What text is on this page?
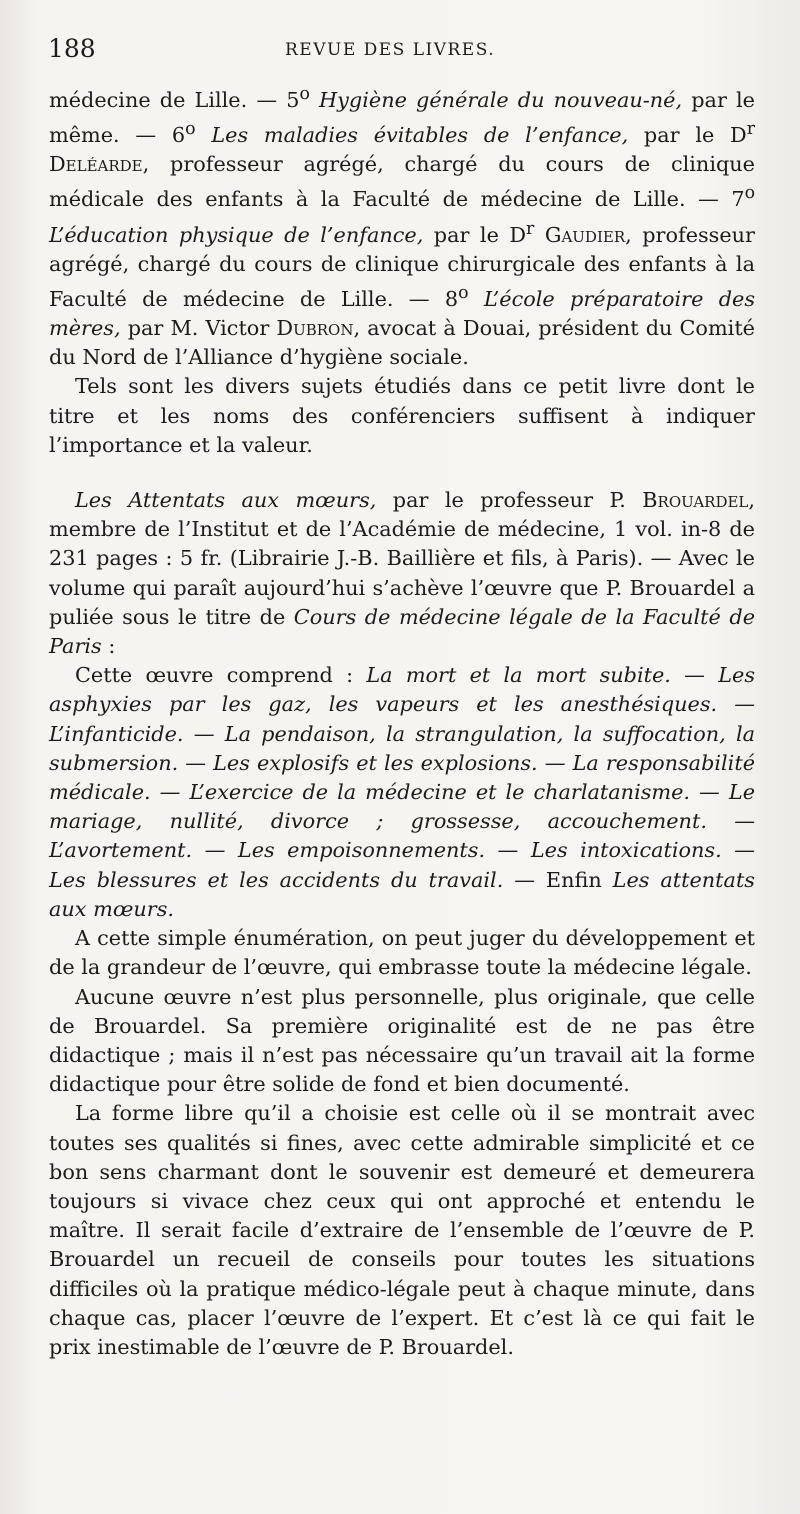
188	REVUE DES LIVRES.

médecine de Lille. — 5$^o$ Hygiène générale du nouveau-né, par le même. — 6$^o$ Les maladies évitables de l’enfance, par le $D^r$ Deléarde, professeur agrégé, chargé du cours de clinique médicale des enfants à la Faculté de médecine de Lille. — 7$^o$ L’éducation physique de l’enfance, par le $D^r$ Gaudier, professeur agrégé, chargé du cours de clinique chirurgicale des enfants à la Faculté de médecine de Lille. — 8$^o$ L’école préparatoire des mères, par M. Victor Dubron, avocat à Douai, président du Comité du Nord de l’Alliance d’hygiène sociale.

Tels sont les divers sujets étudiés dans ce petit livre dont le titre et les noms des conférenciers suffisent à indiquer l’importance et la valeur.

Les Attentats aux mœurs, par le professeur P. Brouardel, membre de l’Institut et de l’Académie de médecine, 1 vol. in-8 de 231 pages : 5 fr. (Librairie J.-B. Baillière et fils, à Paris). — Avec le volume qui paraît aujourd’hui s’achève l’œuvre que P. Brouardel a puliée sous le titre de Cours de médecine légale de la Faculté de Paris :

Cette œuvre comprend : La mort et la mort subite. — Les asphyxies par les gaz, les vapeurs et les anesthésiques. — L’infanticide. — La pendaison, la strangulation, la suffocation, la submersion. — Les explosifs et les explosions. — La responsabilité médicale. — L’exercice de la médecine et le charlatanisme. — Le mariage, nullité, divorce ; grossesse, accouchement. — L’avortement. — Les empoisonnements. — Les intoxications. — Les blessures et les accidents du travail. — Enfin Les attentats aux mœurs.

A cette simple énumération, on peut juger du développement et de la grandeur de l’œuvre, qui embrasse toute la médecine légale.

Aucune œuvre n’est plus personnelle, plus originale, que celle de Brouardel. Sa première originalité est de ne pas être didactique ; mais il n’est pas nécessaire qu’un travail ait la forme didactique pour être solide de fond et bien documenté.

La forme libre qu’il a choisie est celle où il se montrait avec toutes ses qualités si fines, avec cette admirable simplicité et ce bon sens charmant dont le souvenir est demeuré et demeurera toujours si vivace chez ceux qui ont approché et entendu le maître. Il serait facile d’extraire de l’ensemble de l’œuvre de P. Brouardel un recueil de conseils pour toutes les situations difficiles où la pratique médico-légale peut à chaque minute, dans chaque cas, placer l’œuvre de l’expert. Et c’est là ce qui fait le prix inestimable de l’œuvre de P. Brouardel.
